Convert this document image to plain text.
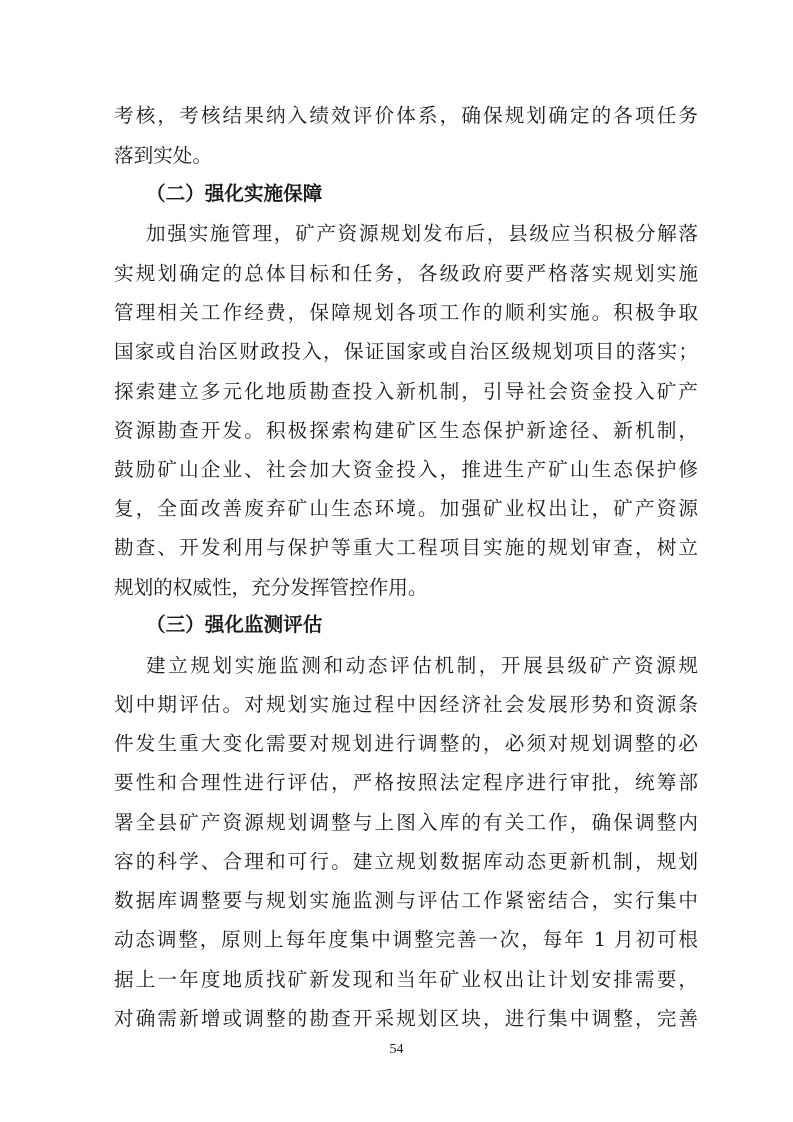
考核，考核结果纳入绩效评价体系，确保规划确定的各项任务
落到实处。
（二）强化实施保障
加强实施管理，矿产资源规划发布后，县级应当积极分解落
实规划确定的总体目标和任务，各级政府要严格落实规划实施
管理相关工作经费，保障规划各项工作的顺利实施。积极争取
国家或自治区财政投入，保证国家或自治区级规划项目的落实；
探索建立多元化地质勘查投入新机制，引导社会资金投入矿产
资源勘查开发。积极探索构建矿区生态保护新途径、新机制，
鼓励矿山企业、社会加大资金投入，推进生产矿山生态保护修
复，全面改善废弃矿山生态环境。加强矿业权出让，矿产资源
勘查、开发利用与保护等重大工程项目实施的规划审查，树立
规划的权威性，充分发挥管控作用。
（三）强化监测评估
建立规划实施监测和动态评估机制，开展县级矿产资源规
划中期评估。对规划实施过程中因经济社会发展形势和资源条
件发生重大变化需要对规划进行调整的，必须对规划调整的必
要性和合理性进行评估，严格按照法定程序进行审批，统筹部
署全县矿产资源规划调整与上图入库的有关工作，确保调整内
容的科学、合理和可行。建立规划数据库动态更新机制，规划
数据库调整要与规划实施监测与评估工作紧密结合，实行集中
动态调整，原则上每年度集中调整完善一次，每年 1 月初可根
据上一年度地质找矿新发现和当年矿业权出让计划安排需要，
对确需新增或调整的勘查开采规划区块，进行集中调整，完善
54
